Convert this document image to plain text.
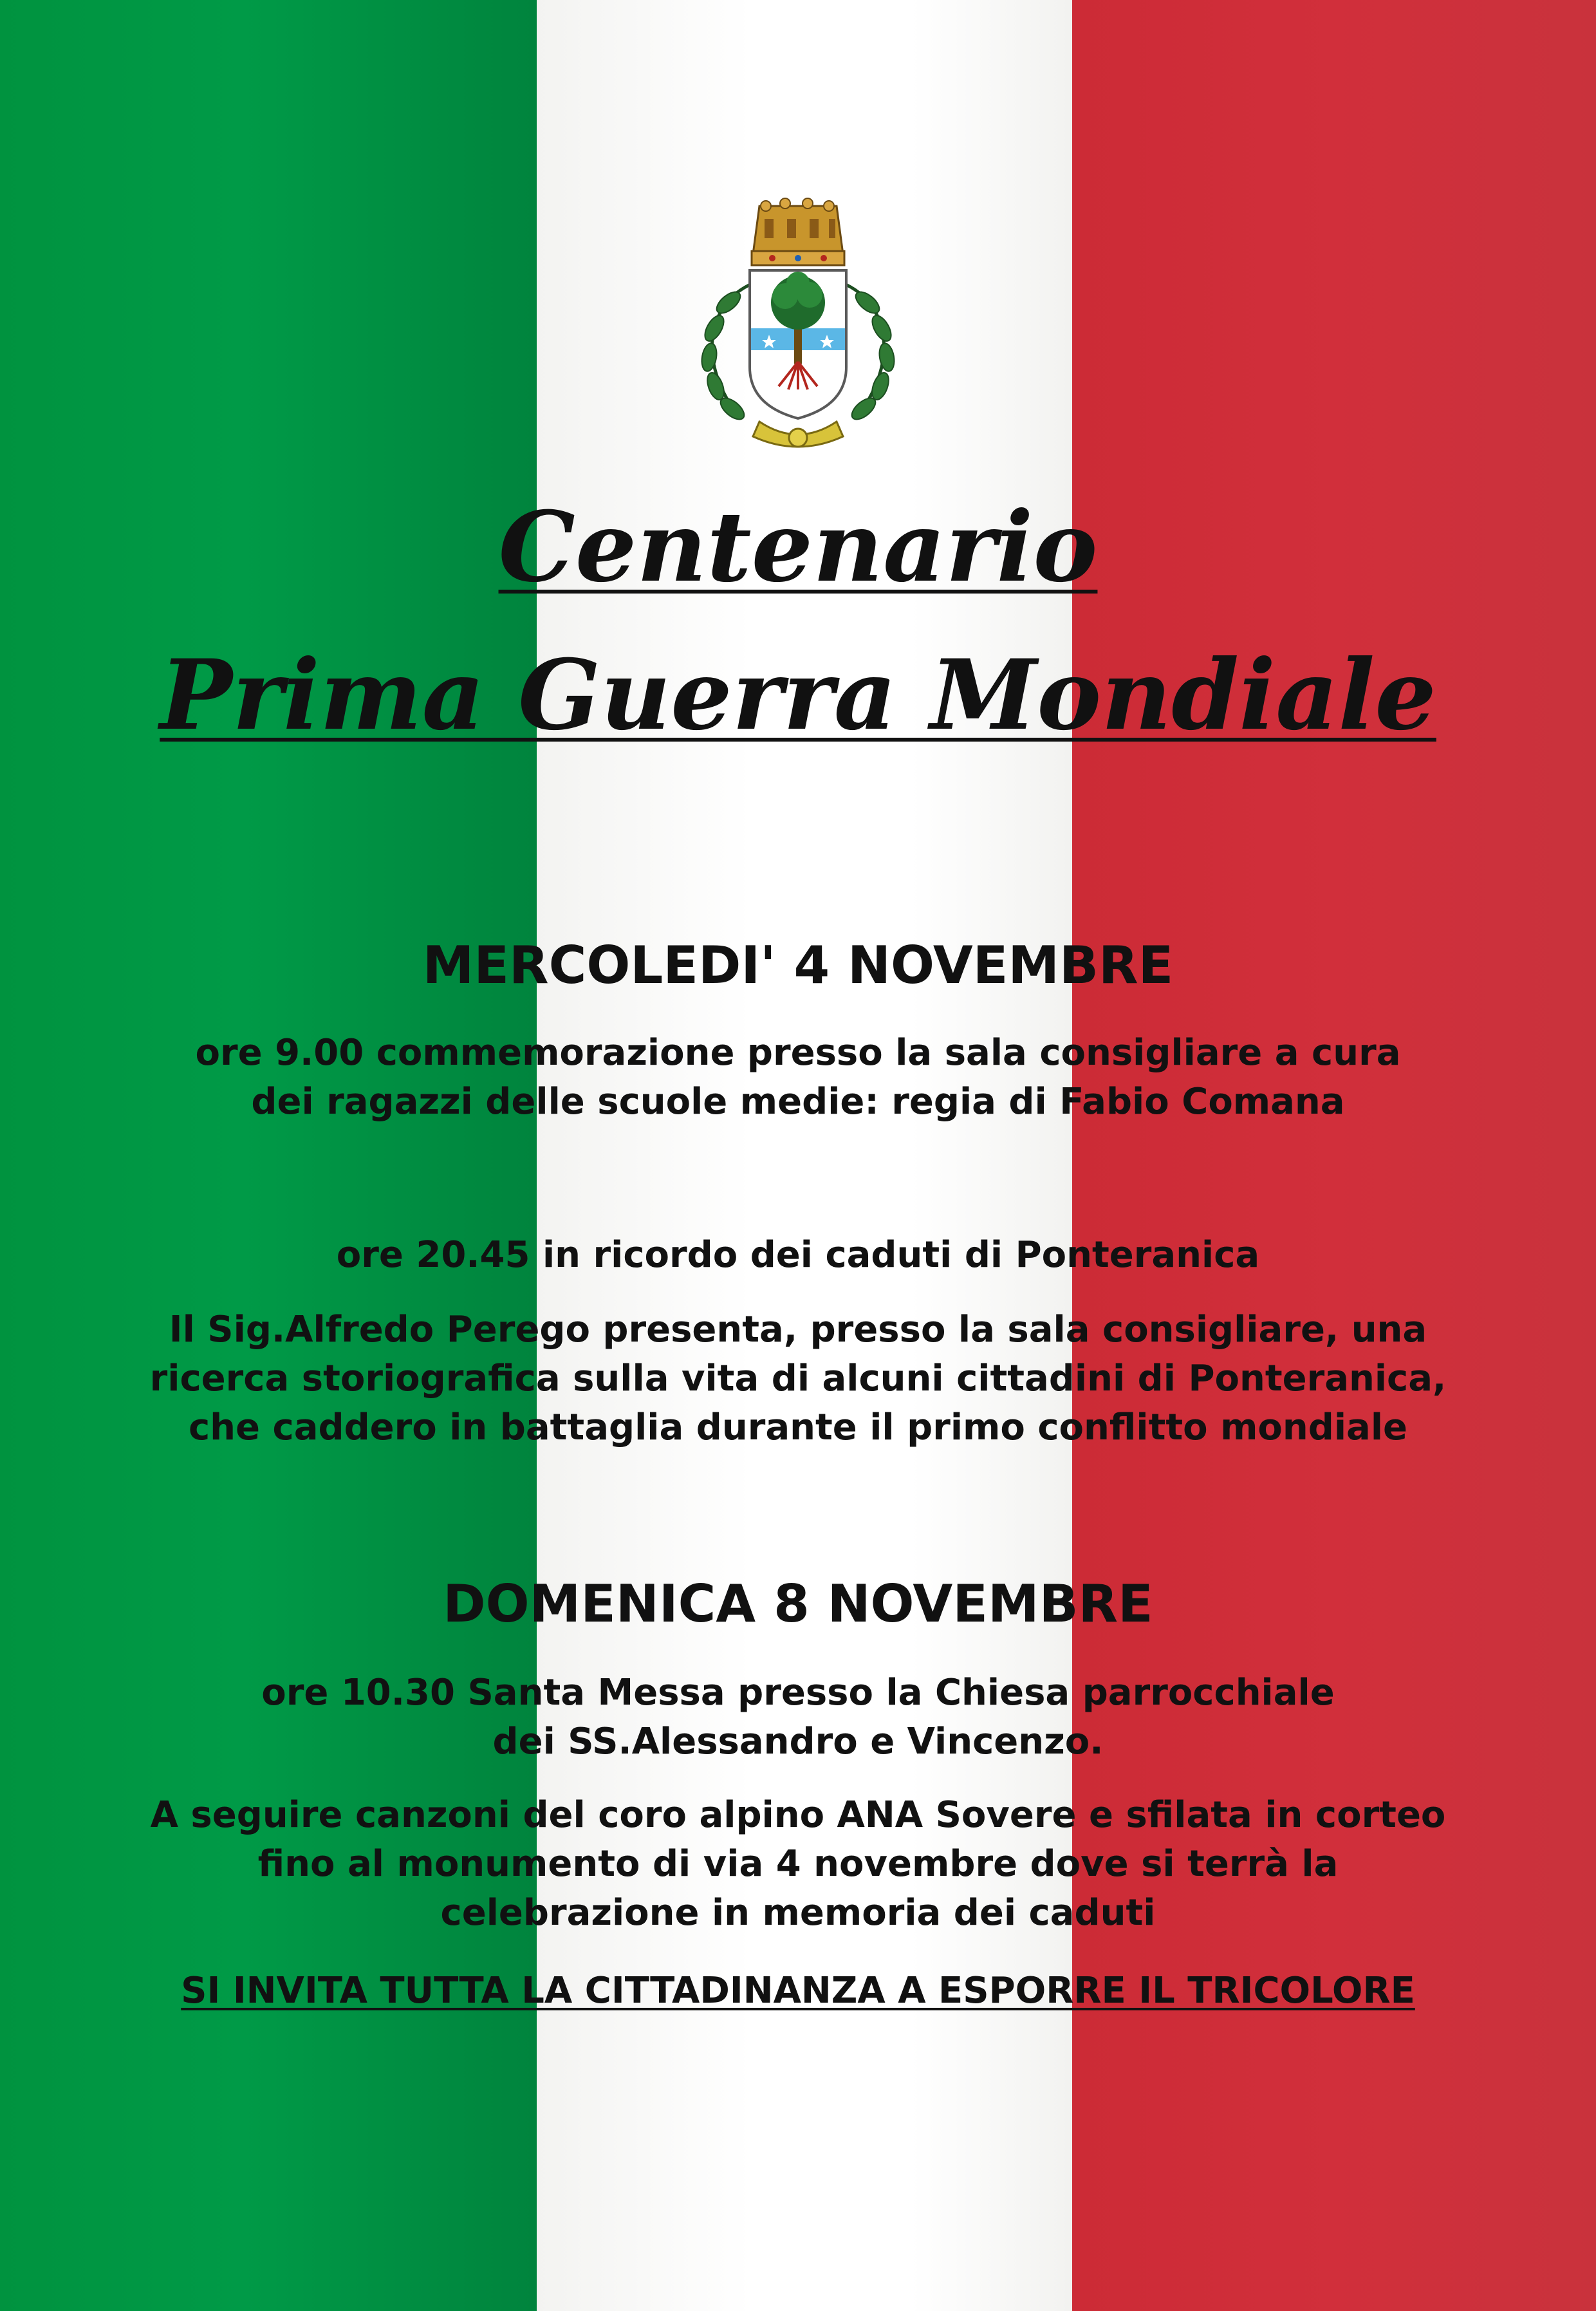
Centenario
Prima Guerra Mondiale
MERCOLEDI' 4 NOVEMBRE

ore 9.00 commemorazione presso la sala consigliare a cura dei ragazzi delle scuole medie: regia di Fabio Comana

ore 20.45 in ricordo dei caduti di Ponteranica

Il Sig.Alfredo Perego presenta, presso la sala consigliare, una ricerca storiografica sulla vita di alcuni cittadini di Ponteranica, che caddero in battaglia durante il primo conflitto mondiale

DOMENICA 8 NOVEMBRE

ore 10.30 Santa Messa presso la Chiesa parrocchiale dei SS.Alessandro e Vincenzo.

A seguire canzoni del coro alpino ANA Sovere e sfilata in corteo fino al monumento di via 4 novembre dove si terrà la celebrazione in memoria dei caduti

SI INVITA TUTTA LA CITTADINANZA A ESPORRE IL TRICOLORE
